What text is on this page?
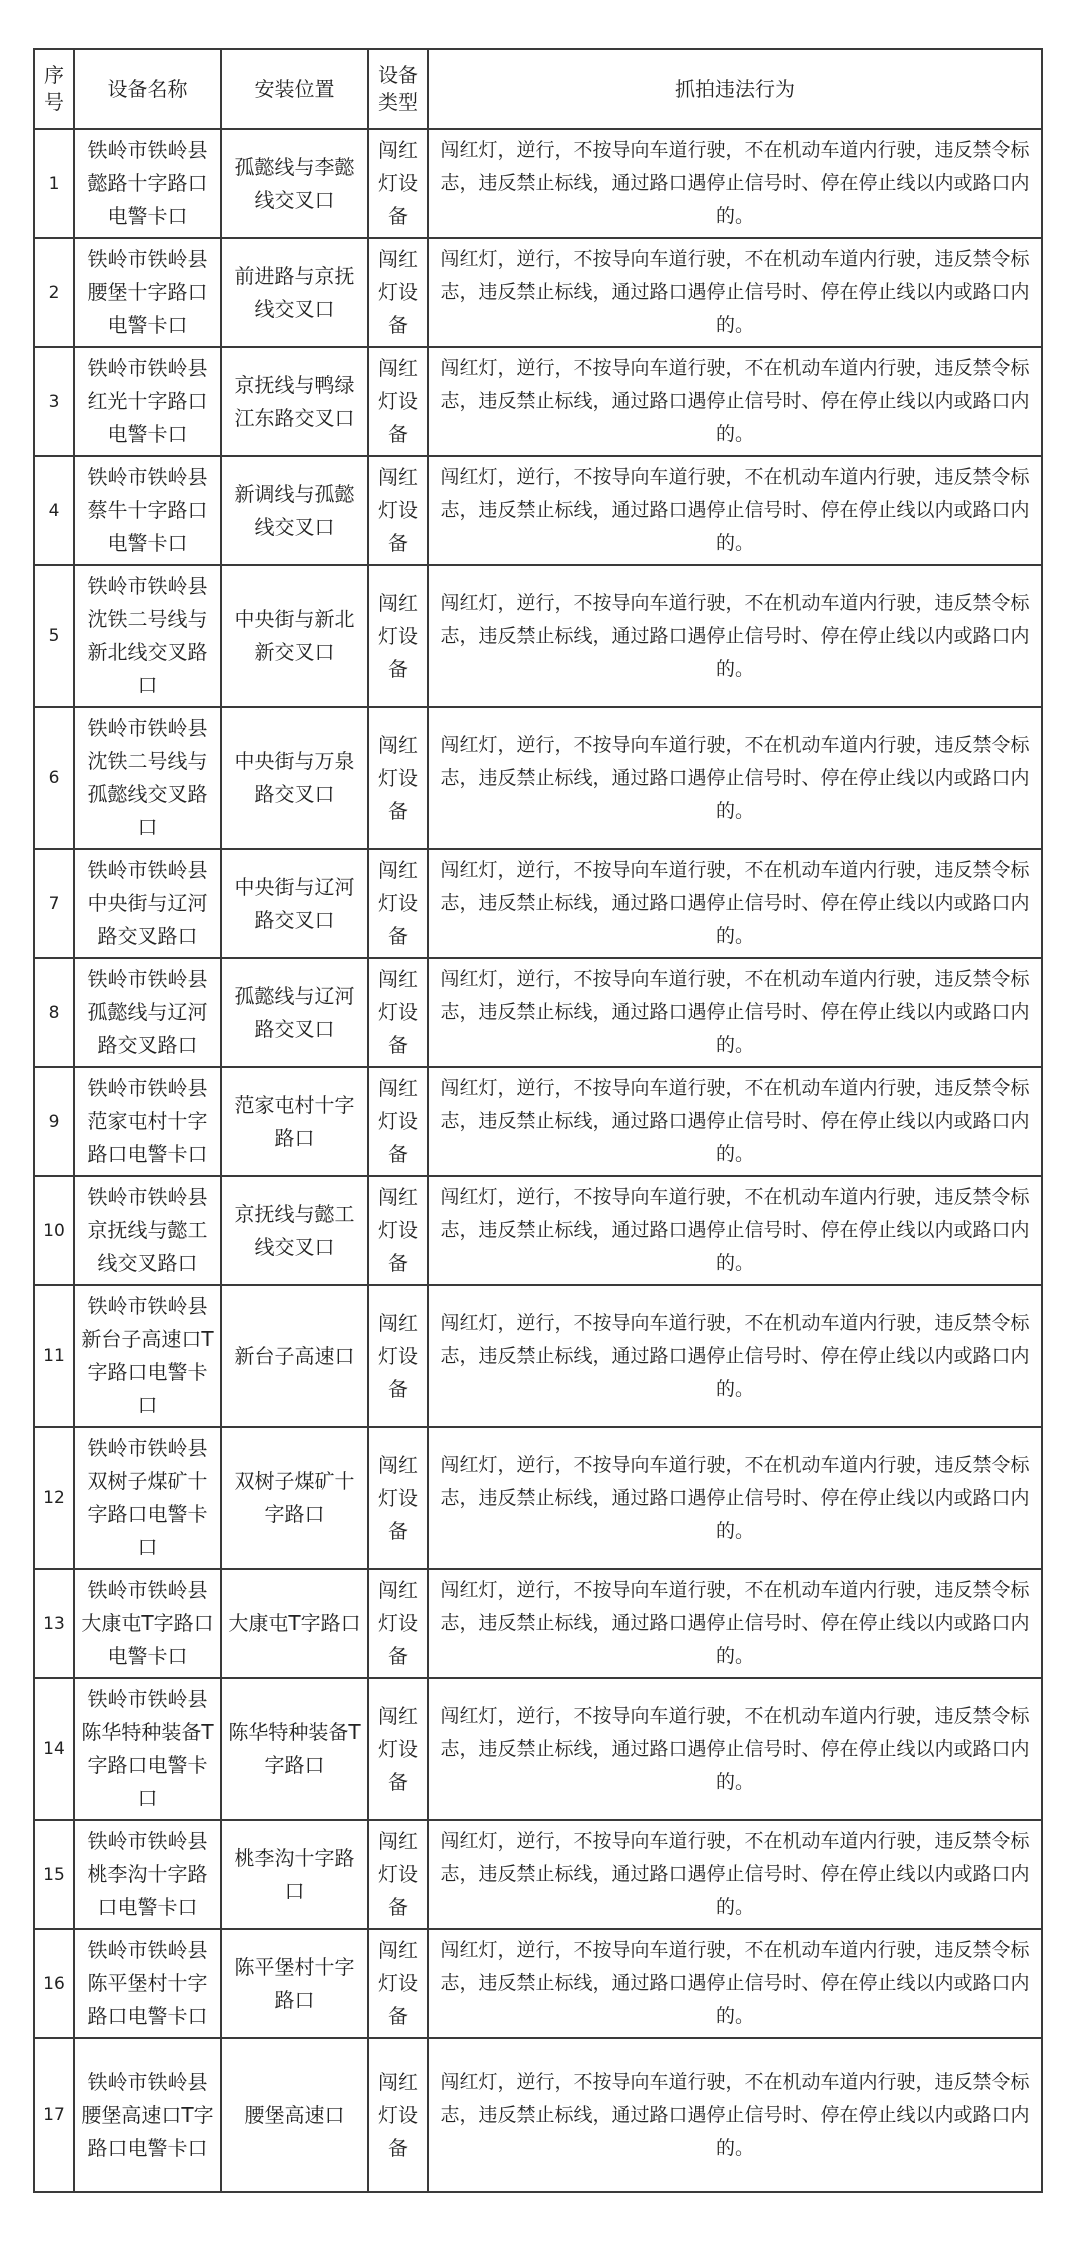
序号	设备名称	安装位置	设备类型	抓拍违法行为
1	铁岭市铁岭县懿路十字路口电警卡口	孤懿线与李懿线交叉口	闯红灯设备	闯红灯，逆行，不按导向车道行驶，不在机动车道内行驶，违反禁令标志，违反禁止标线，通过路口遇停止信号时、停在停止线以内或路口内的。
2	铁岭市铁岭县腰堡十字路口电警卡口	前进路与京抚线交叉口	闯红灯设备	闯红灯，逆行，不按导向车道行驶，不在机动车道内行驶，违反禁令标志，违反禁止标线，通过路口遇停止信号时、停在停止线以内或路口内的。
3	铁岭市铁岭县红光十字路口电警卡口	京抚线与鸭绿江东路交叉口	闯红灯设备	闯红灯，逆行，不按导向车道行驶，不在机动车道内行驶，违反禁令标志，违反禁止标线，通过路口遇停止信号时、停在停止线以内或路口内的。
4	铁岭市铁岭县蔡牛十字路口电警卡口	新调线与孤懿线交叉口	闯红灯设备	闯红灯，逆行，不按导向车道行驶，不在机动车道内行驶，违反禁令标志，违反禁止标线，通过路口遇停止信号时、停在停止线以内或路口内的。
5	铁岭市铁岭县沈铁二号线与新北线交叉路口	中央街与新北新交叉口	闯红灯设备	闯红灯，逆行，不按导向车道行驶，不在机动车道内行驶，违反禁令标志，违反禁止标线，通过路口遇停止信号时、停在停止线以内或路口内的。
6	铁岭市铁岭县沈铁二号线与孤懿线交叉路口	中央街与万泉路交叉口	闯红灯设备	闯红灯，逆行，不按导向车道行驶，不在机动车道内行驶，违反禁令标志，违反禁止标线，通过路口遇停止信号时、停在停止线以内或路口内的。
7	铁岭市铁岭县中央街与辽河路交叉路口	中央街与辽河路交叉口	闯红灯设备	闯红灯，逆行，不按导向车道行驶，不在机动车道内行驶，违反禁令标志，违反禁止标线，通过路口遇停止信号时、停在停止线以内或路口内的。
8	铁岭市铁岭县孤懿线与辽河路交叉路口	孤懿线与辽河路交叉口	闯红灯设备	闯红灯，逆行，不按导向车道行驶，不在机动车道内行驶，违反禁令标志，违反禁止标线，通过路口遇停止信号时、停在停止线以内或路口内的。
9	铁岭市铁岭县范家屯村十字路口电警卡口	范家屯村十字路口	闯红灯设备	闯红灯，逆行，不按导向车道行驶，不在机动车道内行驶，违反禁令标志，违反禁止标线，通过路口遇停止信号时、停在停止线以内或路口内的。
10	铁岭市铁岭县京抚线与懿工线交叉路口	京抚线与懿工线交叉口	闯红灯设备	闯红灯，逆行，不按导向车道行驶，不在机动车道内行驶，违反禁令标志，违反禁止标线，通过路口遇停止信号时、停在停止线以内或路口内的。
11	铁岭市铁岭县新台子高速口T字路口电警卡口	新台子高速口	闯红灯设备	闯红灯，逆行，不按导向车道行驶，不在机动车道内行驶，违反禁令标志，违反禁止标线，通过路口遇停止信号时、停在停止线以内或路口内的。
12	铁岭市铁岭县双树子煤矿十字路口电警卡口	双树子煤矿十字路口	闯红灯设备	闯红灯，逆行，不按导向车道行驶，不在机动车道内行驶，违反禁令标志，违反禁止标线，通过路口遇停止信号时、停在停止线以内或路口内的。
13	铁岭市铁岭县大康屯T字路口电警卡口	大康屯T字路口	闯红灯设备	闯红灯，逆行，不按导向车道行驶，不在机动车道内行驶，违反禁令标志，违反禁止标线，通过路口遇停止信号时、停在停止线以内或路口内的。
14	铁岭市铁岭县陈华特种装备T字路口电警卡口	陈华特种装备T字路口	闯红灯设备	闯红灯，逆行，不按导向车道行驶，不在机动车道内行驶，违反禁令标志，违反禁止标线，通过路口遇停止信号时、停在停止线以内或路口内的。
15	铁岭市铁岭县桃李沟十字路口电警卡口	桃李沟十字路口	闯红灯设备	闯红灯，逆行，不按导向车道行驶，不在机动车道内行驶，违反禁令标志，违反禁止标线，通过路口遇停止信号时、停在停止线以内或路口内的。
16	铁岭市铁岭县陈平堡村十字路口电警卡口	陈平堡村十字路口	闯红灯设备	闯红灯，逆行，不按导向车道行驶，不在机动车道内行驶，违反禁令标志，违反禁止标线，通过路口遇停止信号时、停在停止线以内或路口内的。
17	铁岭市铁岭县腰堡高速口T字路口电警卡口	腰堡高速口	闯红灯设备	闯红灯，逆行，不按导向车道行驶，不在机动车道内行驶，违反禁令标志，违反禁止标线，通过路口遇停止信号时、停在停止线以内或路口内的。
